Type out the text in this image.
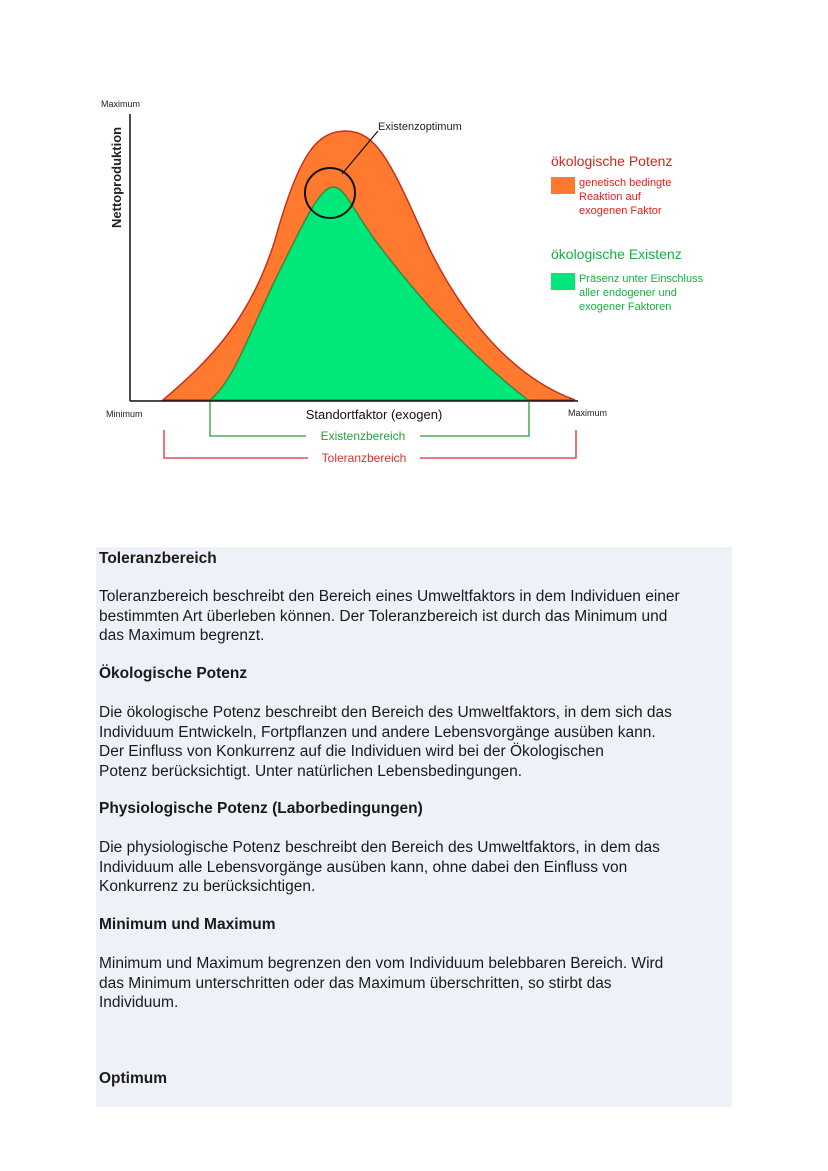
Existenzoptimum
Maximum
Nettoproduktion
Minimum	Maximum
Standortfaktor (exogen)
Existenzbereich
Toleranzbereich
ökologische Potenz
genetisch bedingte
Reaktion auf
exogenen Faktor
ökologische Existenz
Präsenz unter Einschluss
aller endogener und
exogener Faktoren
Toleranzbereich

Toleranzbereich beschreibt den Bereich eines Umweltfaktors in dem Individuen einer
bestimmten Art überleben können. Der Toleranzbereich ist durch das Minimum und
das Maximum begrenzt.

Ökologische Potenz

Die ökologische Potenz beschreibt den Bereich des Umweltfaktors, in dem sich das
Individuum Entwickeln, Fortpflanzen und andere Lebensvorgänge ausüben kann.
Der Einfluss von Konkurrenz auf die Individuen wird bei der Ökologischen
Potenz berücksichtigt. Unter natürlichen Lebensbedingungen.

Physiologische Potenz (Laborbedingungen)

Die physiologische Potenz beschreibt den Bereich des Umweltfaktors, in dem das
Individuum alle Lebensvorgänge ausüben kann, ohne dabei den Einfluss von
Konkurrenz zu berücksichtigen.

Minimum und Maximum

Minimum und Maximum begrenzen den vom Individuum belebbaren Bereich. Wird
das Minimum unterschritten oder das Maximum überschritten, so stirbt das
Individuum.

Optimum
